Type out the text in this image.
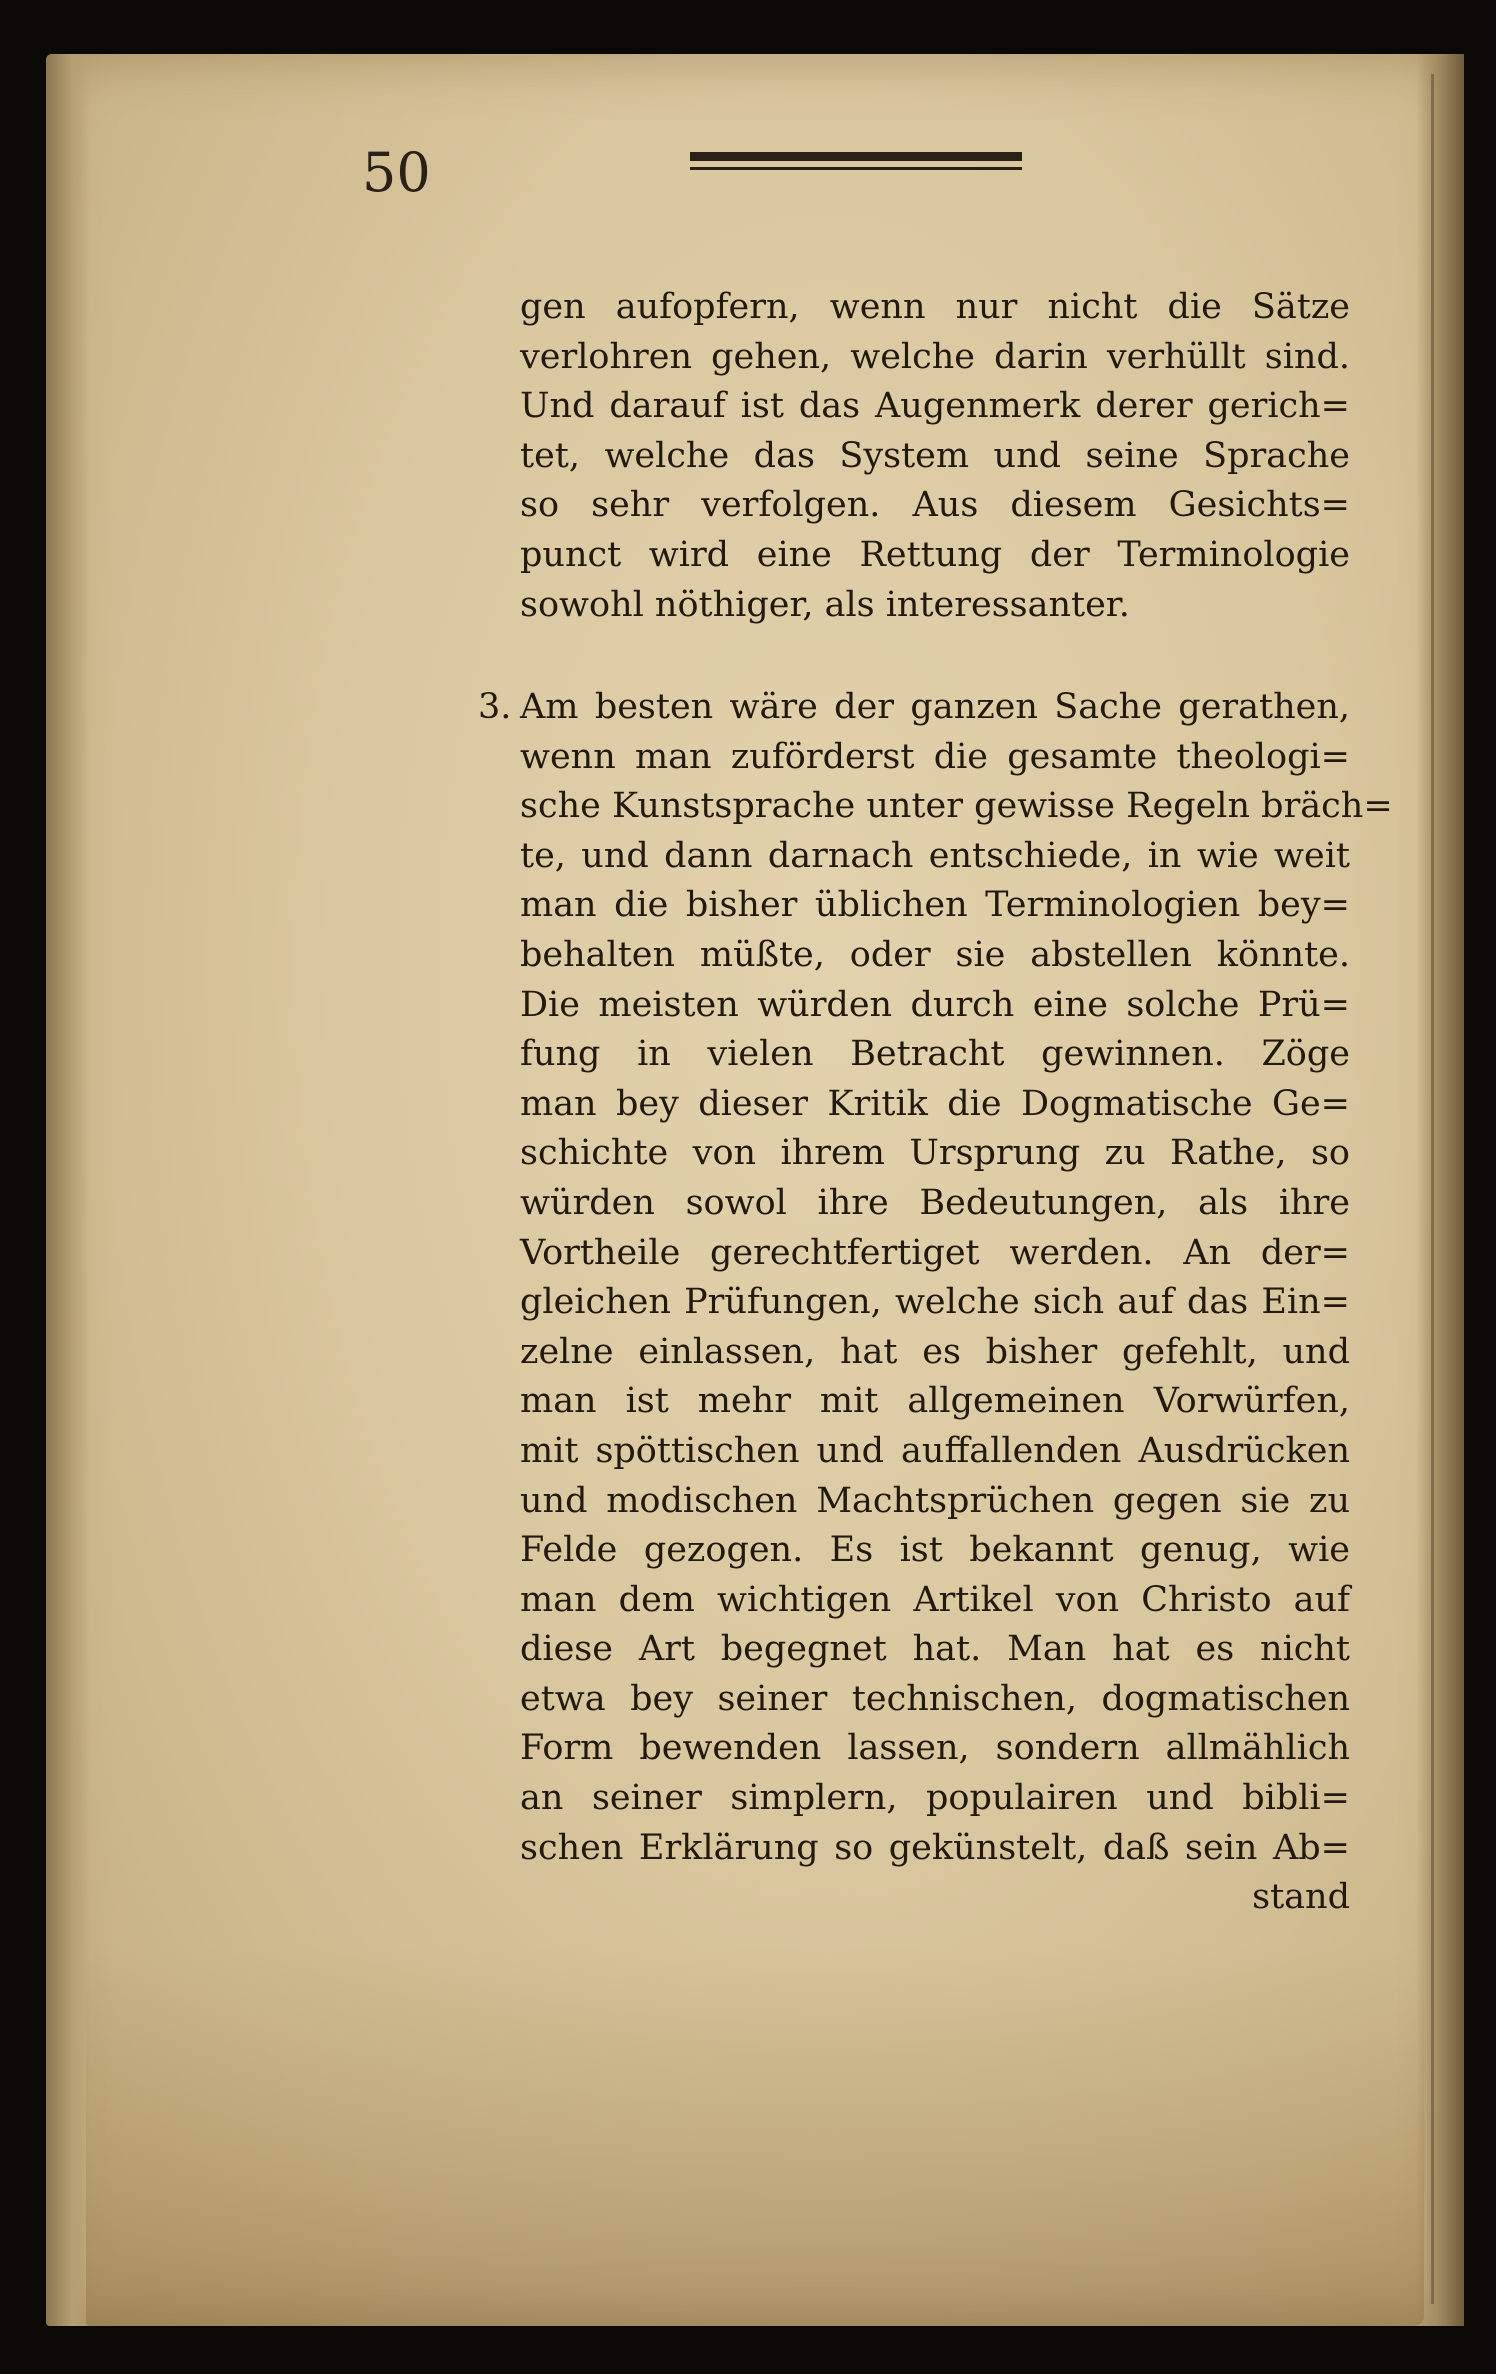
50
gen aufopfern, wenn nur nicht die Sätze
verlohren gehen, welche darin verhüllt sind.
Und darauf ist das Augenmerk derer gerich=
tet, welche das System und seine Sprache
so sehr verfolgen. Aus diesem Gesichts=
punct wird eine Rettung der Terminologie
sowohl nöthiger, als interessanter.
3. Am besten wäre der ganzen Sache gerathen,
wenn man zuförderst die gesamte theologi=
sche Kunstsprache unter gewisse Regeln bräch=
te, und dann darnach entschiede, in wie weit
man die bisher üblichen Terminologien bey=
behalten müßte, oder sie abstellen könnte.
Die meisten würden durch eine solche Prü=
fung in vielen Betracht gewinnen. Zöge
man bey dieser Kritik die Dogmatische Ge=
schichte von ihrem Ursprung zu Rathe, so
würden sowol ihre Bedeutungen, als ihre
Vortheile gerechtfertiget werden. An der=
gleichen Prüfungen, welche sich auf das Ein=
zelne einlassen, hat es bisher gefehlt, und
man ist mehr mit allgemeinen Vorwürfen,
mit spöttischen und auffallenden Ausdrücken
und modischen Machtsprüchen gegen sie zu
Felde gezogen. Es ist bekannt genug, wie
man dem wichtigen Artikel von Christo auf
diese Art begegnet hat. Man hat es nicht
etwa bey seiner technischen, dogmatischen
Form bewenden lassen, sondern allmählich
an seiner simplern, populairen und bibli=
schen Erklärung so gekünstelt, daß sein Ab=
stand
